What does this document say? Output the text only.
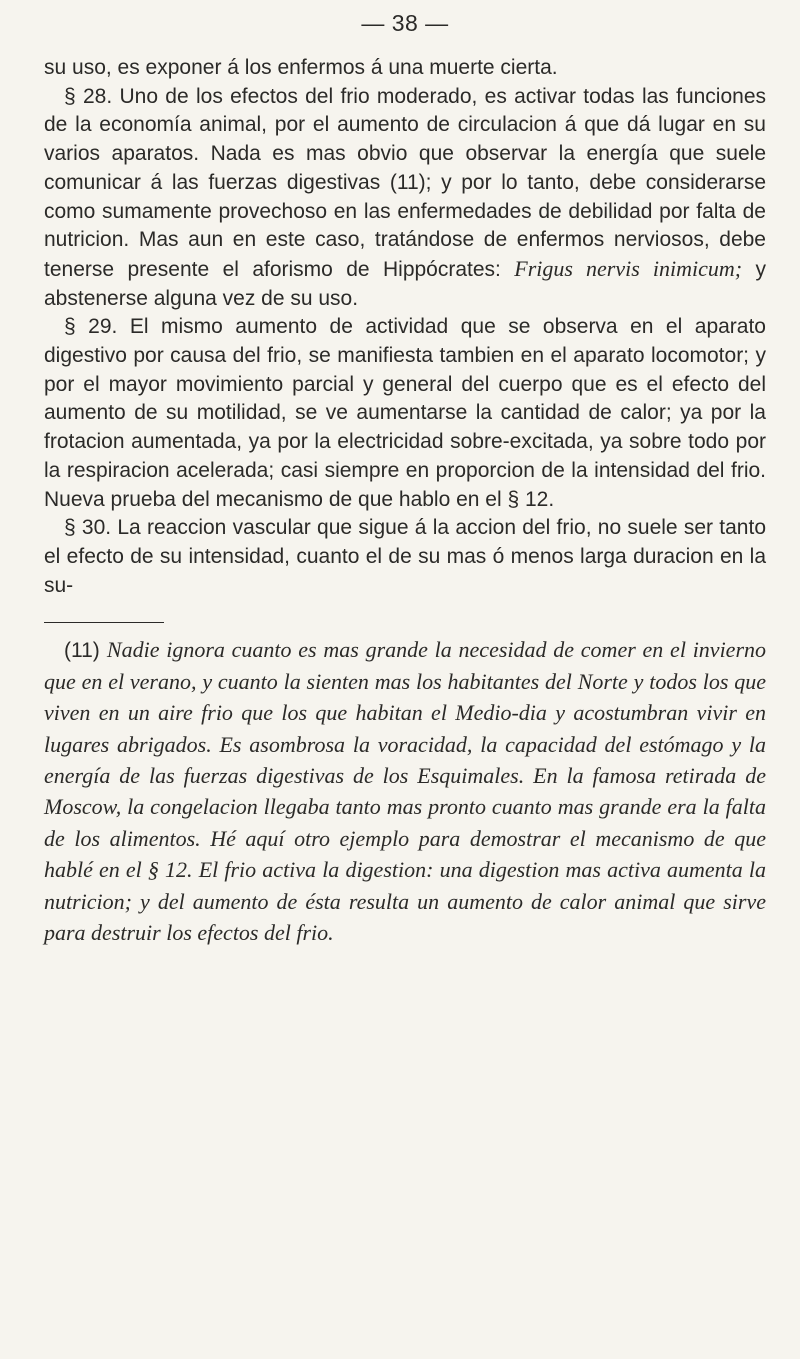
— 38 —

su uso, es exponer á los enfermos á una muerte cierta.

§ 28. Uno de los efectos del frio moderado, es activar todas las funciones de la economía animal, por el aumento de circulacion á que dá lugar en su varios aparatos. Nada es mas obvio que observar la energía que suele comunicar á las fuerzas digestivas (11); y por lo tanto, debe considerarse como sumamente provechoso en las enfermedades de debilidad por falta de nutricion. Mas aun en este caso, tratándose de enfermos nerviosos, debe tenerse presente el aforismo de Hippócrates: Frigus nervis inimicum; y abstenerse alguna vez de su uso.

§ 29. El mismo aumento de actividad que se observa en el aparato digestivo por causa del frio, se manifiesta tambien en el aparato locomotor; y por el mayor movimiento parcial y general del cuerpo que es el efecto del aumento de su motilidad, se ve aumentarse la cantidad de calor; ya por la frotacion aumentada, ya por la electricidad sobre-excitada, ya sobre todo por la respiracion acelerada; casi siempre en proporcion de la intensidad del frio. Nueva prueba del mecanismo de que hablo en el § 12.

§ 30. La reaccion vascular que sigue á la accion del frio, no suele ser tanto el efecto de su intensidad, cuanto el de su mas ó menos larga duracion en la su-

(11) Nadie ignora cuanto es mas grande la necesidad de comer en el invierno que en el verano, y cuanto la sienten mas los habitantes del Norte y todos los que viven en un aire frio que los que habitan el Medio-dia y acostumbran vivir en lugares abrigados. Es asombrosa la voracidad, la capacidad del estómago y la energía de las fuerzas digestivas de los Esquimales. En la famosa retirada de Moscow, la congelacion llegaba tanto mas pronto cuanto mas grande era la falta de los alimentos. Hé aquí otro ejemplo para demostrar el mecanismo de que hablé en el § 12. El frio activa la digestion: una digestion mas activa aumenta la nutricion; y del aumento de ésta resulta un aumento de calor animal que sirve para destruir los efectos del frio.
